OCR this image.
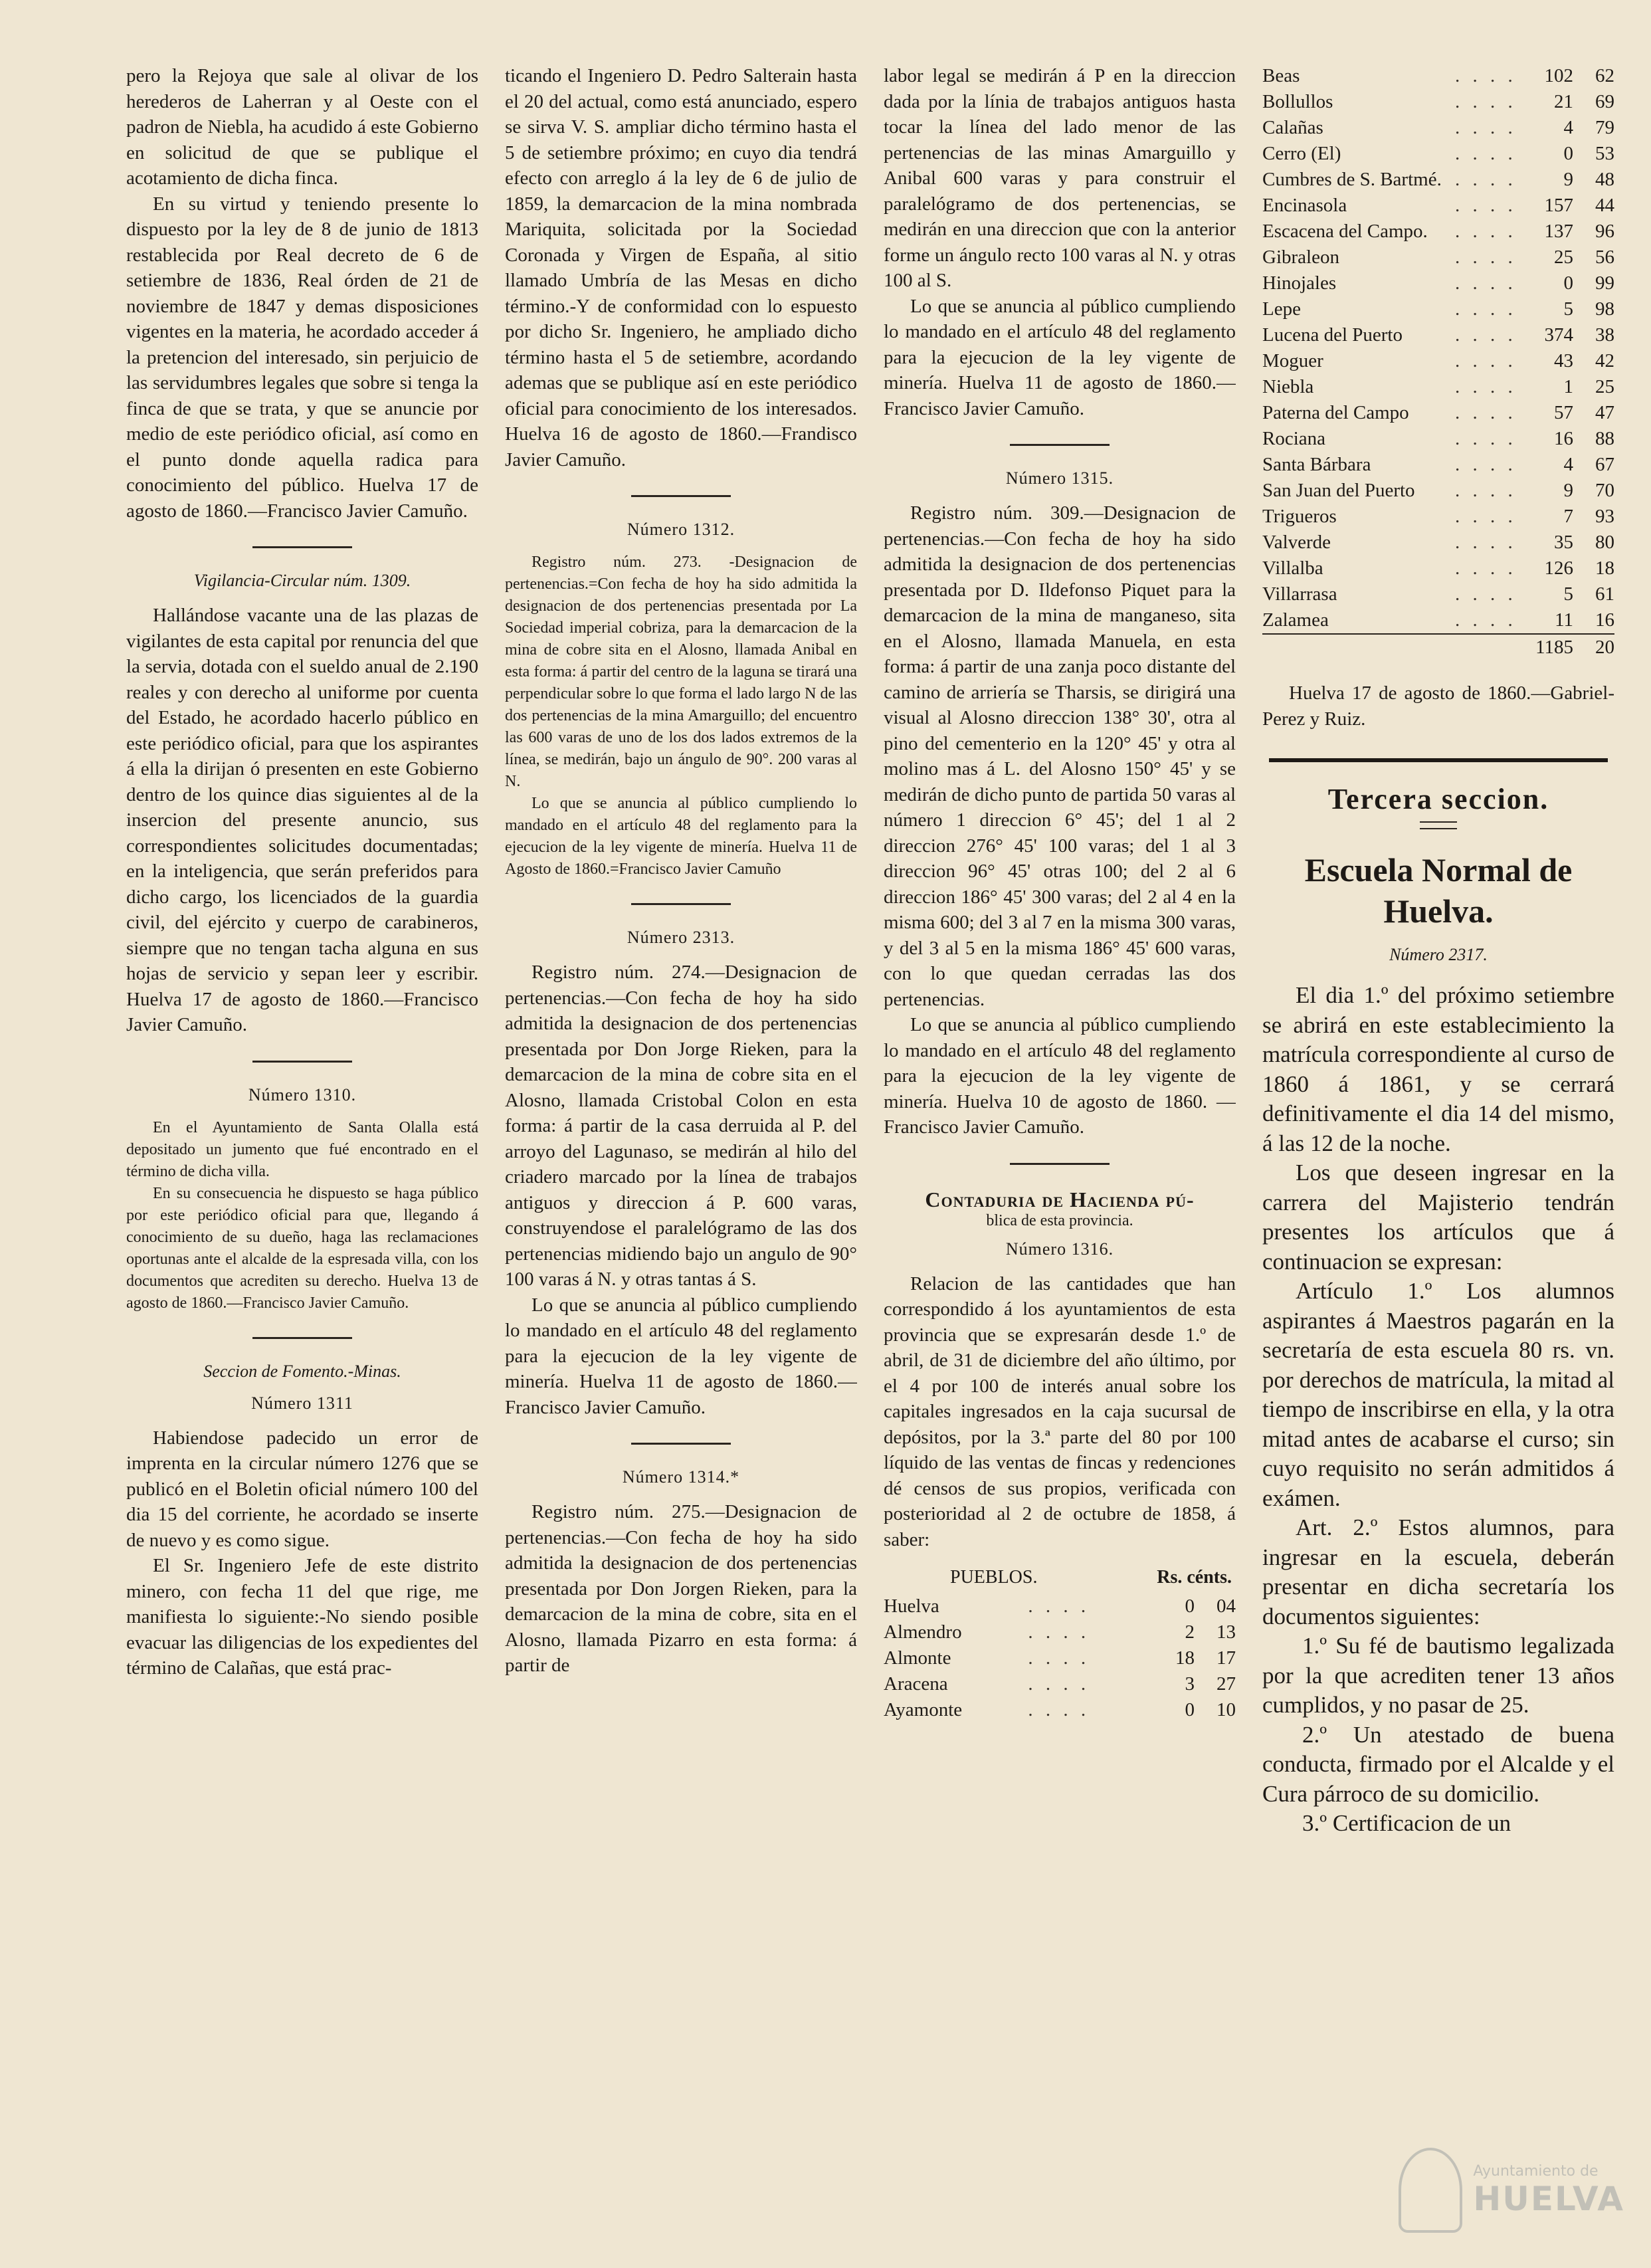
pero la Rejoya que sale al olivar de los herederos de Laherran y al Oeste con el padron de Niebla, ha acudido á este Gobierno en solicitud de que se publique el acotamiento de dicha finca.

En su virtud y teniendo presente lo dispuesto por la ley de 8 de junio de 1813 restablecida por Real decreto de 6 de setiembre de 1836, Real órden de 21 de noviembre de 1847 y demas disposiciones vigentes en la materia, he acordado acceder á la pretencion del interesado, sin perjuicio de las servidumbres legales que sobre si tenga la finca de que se trata, y que se anuncie por medio de este periódico oficial, así como en el punto donde aquella radica para conocimiento del público. Huelva 17 de agosto de 1860.—Francisco Javier Camuño.

Vigilancia-Circular núm. 1309.

Hallándose vacante una de las plazas de vigilantes de esta capital por renuncia del que la servia, dotada con el sueldo anual de 2.190 reales y con derecho al uniforme por cuenta del Estado, he acordado hacerlo público en este periódico oficial, para que los aspirantes á ella la dirijan ó presenten en este Gobierno dentro de los quince dias siguientes al de la insercion del presente anuncio, sus correspondientes solicitudes documentadas; en la inteligencia, que serán preferidos para dicho cargo, los licenciados de la guardia civil, del ejército y cuerpo de carabineros, siempre que no tengan tacha alguna en sus hojas de servicio y sepan leer y escribir. Huelva 17 de agosto de 1860.—Francisco Javier Camuño.

Número 1310.

En el Ayuntamiento de Santa Olalla está depositado un jumento que fué encontrado en el término de dicha villa.

En su consecuencia he dispuesto se haga público por este periódico oficial para que, llegando á conocimiento de su dueño, haga las reclamaciones oportunas ante el alcalde de la espresada villa, con los documentos que acrediten su derecho. Huelva 13 de agosto de 1860.—Francisco Javier Camuño.

Seccion de Fomento.-Minas.
Número 1311

Habiendose padecido un error de imprenta en la circular número 1276 que se publicó en el Boletin oficial número 100 del dia 15 del corriente, he acordado se inserte de nuevo y es como sigue.

El Sr. Ingeniero Jefe de este distrito minero, con fecha 11 del que rige, me manifiesta lo siguiente:-No siendo posible evacuar las diligencias de los expedientes del término de Calañas, que está prac-

ticando el Ingeniero D. Pedro Salterain hasta el 20 del actual, como está anunciado, espero se sirva V. S. ampliar dicho término hasta el 5 de setiembre próximo; en cuyo dia tendrá efecto con arreglo á la ley de 6 de julio de 1859, la demarcacion de la mina nombrada Mariquita, solicitada por la Sociedad Coronada y Virgen de España, al sitio llamado Umbría de las Mesas en dicho término.-Y de conformidad con lo espuesto por dicho Sr. Ingeniero, he ampliado dicho término hasta el 5 de setiembre, acordando ademas que se publique así en este periódico oficial para conocimiento de los interesados. Huelva 16 de agosto de 1860.—Frandisco Javier Camuño.

Número 1312.

Registro núm. 273. -Designacion de pertenencias.=Con fecha de hoy ha sido admitida la designacion de dos pertenencias presentada por La Sociedad imperial cobriza, para la demarcacion de la mina de cobre sita en el Alosno, llamada Anibal en esta forma: á partir del centro de la laguna se tirará una perpendicular sobre lo que forma el lado largo N de las dos pertenencias de la mina Amarguillo; del encuentro las 600 varas de uno de los dos lados extremos de la línea, se medirán, bajo un ángulo de 90°. 200 varas al N.

Lo que se anuncia al público cumpliendo lo mandado en el artículo 48 del reglamento para la ejecucion de la ley vigente de minería. Huelva 11 de Agosto de 1860.=Francisco Javier Camuño

Número 2313.

Registro núm. 274.—Designacion de pertenencias.—Con fecha de hoy ha sido admitida la designacion de dos pertenencias presentada por Don Jorge Rieken, para la demarcacion de la mina de cobre sita en el Alosno, llamada Cristobal Colon en esta forma: á partir de la casa derruida al P. del arroyo del Lagunaso, se medirán al hilo del criadero marcado por la línea de trabajos antiguos y direccion á P. 600 varas, construyendose el paralelógramo de las dos pertenencias midiendo bajo un angulo de 90° 100 varas á N. y otras tantas á S.

Lo que se anuncia al público cumpliendo lo mandado en el artículo 48 del reglamento para la ejecucion de la ley vigente de minería. Huelva 11 de agosto de 1860.—Francisco Javier Camuño.

Número 1314.*

Registro núm. 275.—Designacion de pertenencias.—Con fecha de hoy ha sido admitida la designacion de dos pertenencias presentada por Don Jorgen Rieken, para la demarcacion de la mina de cobre, sita en el Alosno, llamada Pizarro en esta forma: á partir de

labor legal se medirán á P en la direccion dada por la línia de trabajos antiguos hasta tocar la línea del lado menor de las pertenencias de las minas Amarguillo y Anibal 600 varas y para construir el paralelógramo de dos pertenencias, se medirán en una direccion que con la anterior forme un ángulo recto 100 varas al N. y otras 100 al S.

Lo que se anuncia al público cumpliendo lo mandado en el artículo 48 del reglamento para la ejecucion de la ley vigente de minería. Huelva 11 de agosto de 1860.—Francisco Javier Camuño.

Número 1315.

Registro núm. 309.—Designacion de pertenencias.—Con fecha de hoy ha sido admitida la designacion de dos pertenencias presentada por D. Ildefonso Piquet para la demarcacion de la mina de manganeso, sita en el Alosno, llamada Manuela, en esta forma: á partir de una zanja poco distante del camino de arriería se Tharsis, se dirigirá una visual al Alosno direccion 138° 30', otra al pino del cementerio en la 120° 45' y otra al molino mas á L. del Alosno 150° 45' y se medirán de dicho punto de partida 50 varas al número 1 direccion 6° 45'; del 1 al 2 direccion 276° 45' 100 varas; del 1 al 3 direccion 96° 45' otras 100; del 2 al 6 direccion 186° 45' 300 varas; del 2 al 4 en la misma 600; del 3 al 7 en la misma 300 varas, y del 3 al 5 en la misma 186° 45' 600 varas, con lo que quedan cerradas las dos pertenencias.

Lo que se anuncia al público cumpliendo lo mandado en el artículo 48 del reglamento para la ejecucion de la ley vigente de minería. Huelva 10 de agosto de 1860. —Francisco Javier Camuño.

Contaduria de Hacienda pú-
blica de esta provincia.
Número 1316.

Relacion de las cantidades que han correspondido á los ayuntamientos de esta provincia que se expresarán desde 1.º de abril, de 31 de diciembre del año último, por el 4 por 100 de interés anual sobre los capitales ingresados en la caja sucursal de depósitos, por la 3.ª parte del 80 por 100 líquido de las ventas de fincas y redenciones dé censos de sus propios, verificada con posterioridad al 2 de octubre de 1858, á saber:

PUEBLOS.	Rs. cénts.
Huelva	. . . .	0	04
Almendro	. . . .	2	13
Almonte	. . . .	18	17
Aracena	. . . .	3	27
Ayamonte	. . . .	0	10
Beas	. . . .	102	62
Bollullos	. . . .	21	69
Calañas	. . . .	4	79
Cerro (El)	. . . .	0	53
Cumbres de S. Bartmé.	. . . .	9	48
Encinasola	. . . .	157	44
Escacena del Campo.	. . . .	137	96
Gibraleon	. . . .	25	56
Hinojales	. . . .	0	99
Lepe	. . . .	5	98
Lucena del Puerto	. . . .	374	38
Moguer	. . . .	43	42
Niebla	. . . .	1	25
Paterna del Campo	. . . .	57	47
Rociana	. . . .	16	88
Santa Bárbara	. . . .	4	67
San Juan del Puerto	. . . .	9	70
Trigueros	. . . .	7	93
Valverde	. . . .	35	80
Villalba	. . . .	126	18
Villarrasa	. . . .	5	61
Zalamea	. . . .	11	16
		1185	20

Huelva 17 de agosto de 1860.—Gabriel-Perez y Ruiz.

Tercera seccion.
Escuela Normal de Huelva.
Número 2317.

El dia 1.º del próximo setiembre se abrirá en este establecimiento la matrícula correspondiente al curso de 1860 á 1861, y se cerrará definitivamente el dia 14 del mismo, á las 12 de la noche.

Los que deseen ingresar en la carrera del Majisterio tendrán presentes los artículos que á continuacion se expresan:

Artículo 1.º Los alumnos aspirantes á Maestros pagarán en la secretaría de esta escuela 80 rs. vn. por derechos de matrícula, la mitad al tiempo de inscribirse en ella, y la otra mitad antes de acabarse el curso; sin cuyo requisito no serán admitidos á exámen.

Art. 2.º Estos alumnos, para ingresar en la escuela, deberán presentar en dicha secretaría los documentos siguientes:

1.º Su fé de bautismo legalizada por la que acrediten tener 13 años cumplidos, y no pasar de 25.

2.º Un atestado de buena conducta, firmado por el Alcalde y el Cura párroco de su domicilio.

3.º Certificacion de un

Ayuntamiento de
HUELVA
